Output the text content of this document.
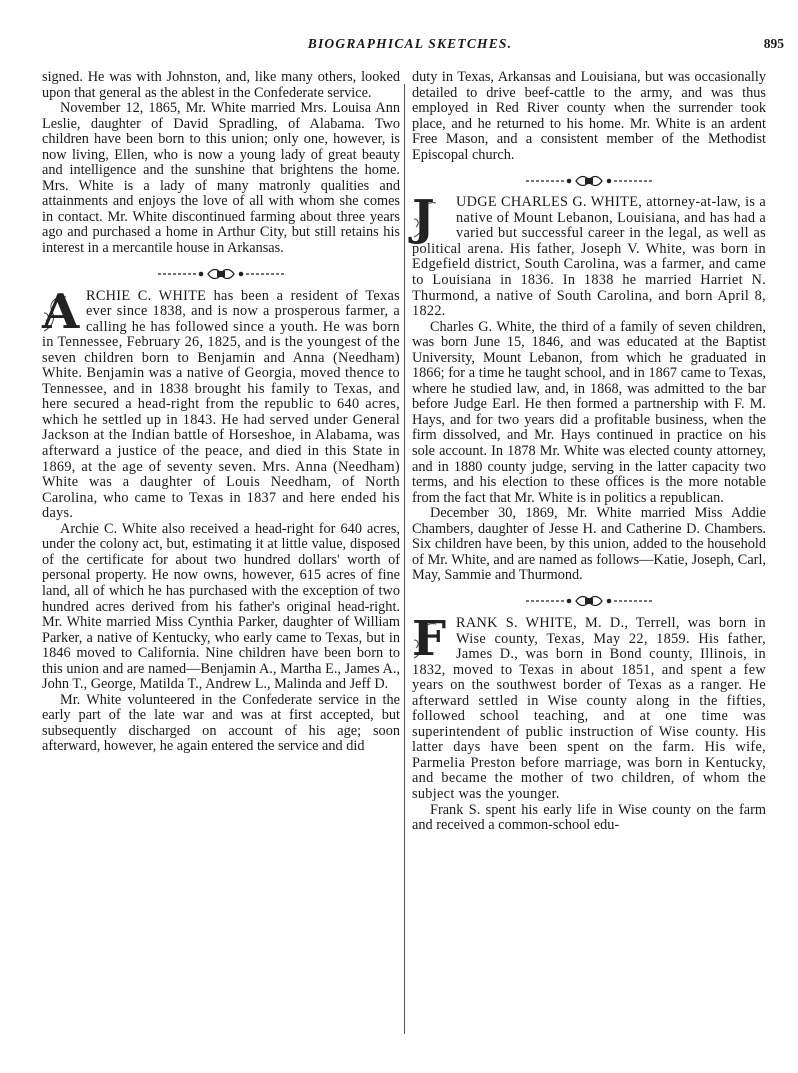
BIOGRAPHICAL SKETCHES.	895

signed. He was with Johnston, and, like many others, looked upon that general as the ablest in the Confederate service.

November 12, 1865, Mr. White married Mrs. Louisa Ann Leslie, daughter of David Spradling, of Alabama. Two children have been born to this union; only one, however, is now living, Ellen, who is now a young lady of great beauty and intelligence and the sunshine that brightens the home. Mrs. White is a lady of many matronly qualities and attainments and enjoys the love of all with whom she comes in contact. Mr. White discontinued farming about three years ago and purchased a home in Arthur City, but still retains his interest in a mercantile house in Arkansas.

A RCHIE C. WHITE has been a resident of Texas ever since 1838, and is now a prosperous farmer, a calling he has followed since a youth. He was born in Tennessee, February 26, 1825, and is the youngest of the seven children born to Benjamin and Anna (Needham) White. Benjamin was a native of Georgia, moved thence to Tennessee, and in 1838 brought his family to Texas, and here secured a head-right from the republic to 640 acres, which he settled up in 1843. He had served under General Jackson at the Indian battle of Horseshoe, in Alabama, was afterward a justice of the peace, and died in this State in 1869, at the age of seventy seven. Mrs. Anna (Needham) White was a daughter of Louis Needham, of North Carolina, who came to Texas in 1837 and here ended his days.

Archie C. White also received a head-right for 640 acres, under the colony act, but, estimating it at little value, disposed of the certificate for about two hundred dollars' worth of personal property. He now owns, however, 615 acres of fine land, all of which he has purchased with the exception of two hundred acres derived from his father's original head-right. Mr. White married Miss Cynthia Parker, daughter of William Parker, a native of Kentucky, who early came to Texas, but in 1846 moved to California. Nine children have been born to this union and are named—Benjamin A., Martha E., James A., John T., George, Matilda T., Andrew L., Malinda and Jeff D.

Mr. White volunteered in the Confederate service in the early part of the late war and was at first accepted, but subsequently discharged on account of his age; soon afterward, however, he again entered the service and did

duty in Texas, Arkansas and Louisiana, but was occasionally detailed to drive beef-cattle to the army, and was thus employed in Red River county when the surrender took place, and he returned to his home. Mr. White is an ardent Free Mason, and a consistent member of the Methodist Episcopal church.

J	UDGE CHARLES G. WHITE, attorney-at-law, is a native of Mount Lebanon, Louisiana, and has had a varied but successful career in the legal, as well as political arena. His father, Joseph V. White, was born in Edgefield district, South Carolina, was a farmer, and came to Louisiana in 1836. In 1838 he married Harriet N. Thurmond, a native of South Carolina, and born April 8, 1822.

Charles G. White, the third of a family of seven children, was born June 15, 1846, and was educated at the Baptist University, Mount Lebanon, from which he graduated in 1866; for a time he taught school, and in 1867 came to Texas, where he studied law, and, in 1868, was admitted to the bar before Judge Earl. He then formed a partnership with F. M. Hays, and for two years did a profitable business, when the firm dissolved, and Mr. Hays continued in practice on his sole account. In 1878 Mr. White was elected county attorney, and in 1880 county judge, serving in the latter capacity two terms, and his election to these offices is the more notable from the fact that Mr. White is in politics a republican.

December 30, 1869, Mr. White married Miss Addie Chambers, daughter of Jesse H. and Catherine D. Chambers. Six children have been, by this union, added to the household of Mr. White, and are named as follows—Katie, Joseph, Carl, May, Sammie and Thurmond.

F RANK S. WHITE, M. D., Terrell, was born in Wise county, Texas, May 22, 1859. His father, James D., was born in Bond county, Illinois, in 1832, moved to Texas in about 1851, and spent a few years on the southwest border of Texas as a ranger. He afterward settled in Wise county along in the fifties, followed school teaching, and at one time was superintendent of public instruction of Wise county. His latter days have been spent on the farm. His wife, Parmelia Preston before marriage, was born in Kentucky, and became the mother of two children, of whom the subject was the younger.

Frank S. spent his early life in Wise county on the farm and received a common-school edu-
